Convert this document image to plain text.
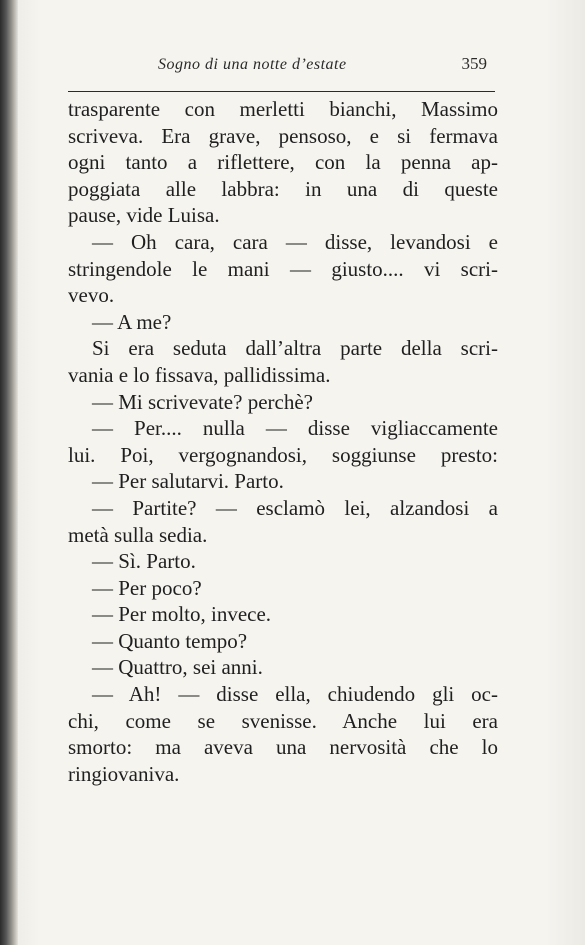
Sogno di una notte d’estate	359
trasparente con merletti bianchi, Massimo
scriveva. Era grave, pensoso, e si fermava
ogni tanto a riflettere, con la penna ap-
poggiata alle labbra: in una di queste
pause, vide Luisa.
— Oh cara, cara — disse, levandosi e
stringendole le mani — giusto.... vi scri-
vevo.
— A me?
Si era seduta dall’altra parte della scri-
vania e lo fissava, pallidissima.
— Mi scrivevate? perchè?
— Per.... nulla — disse vigliaccamente
lui. Poi, vergognandosi, soggiunse presto:
— Per salutarvi. Parto.
— Partite? — esclamò lei, alzandosi a
metà sulla sedia.
— Sì. Parto.
— Per poco?
— Per molto, invece.
— Quanto tempo?
— Quattro, sei anni.
— Ah! — disse ella, chiudendo gli oc-
chi, come se svenisse. Anche lui era
smorto: ma aveva una nervosità che lo
ringiovaniva.
